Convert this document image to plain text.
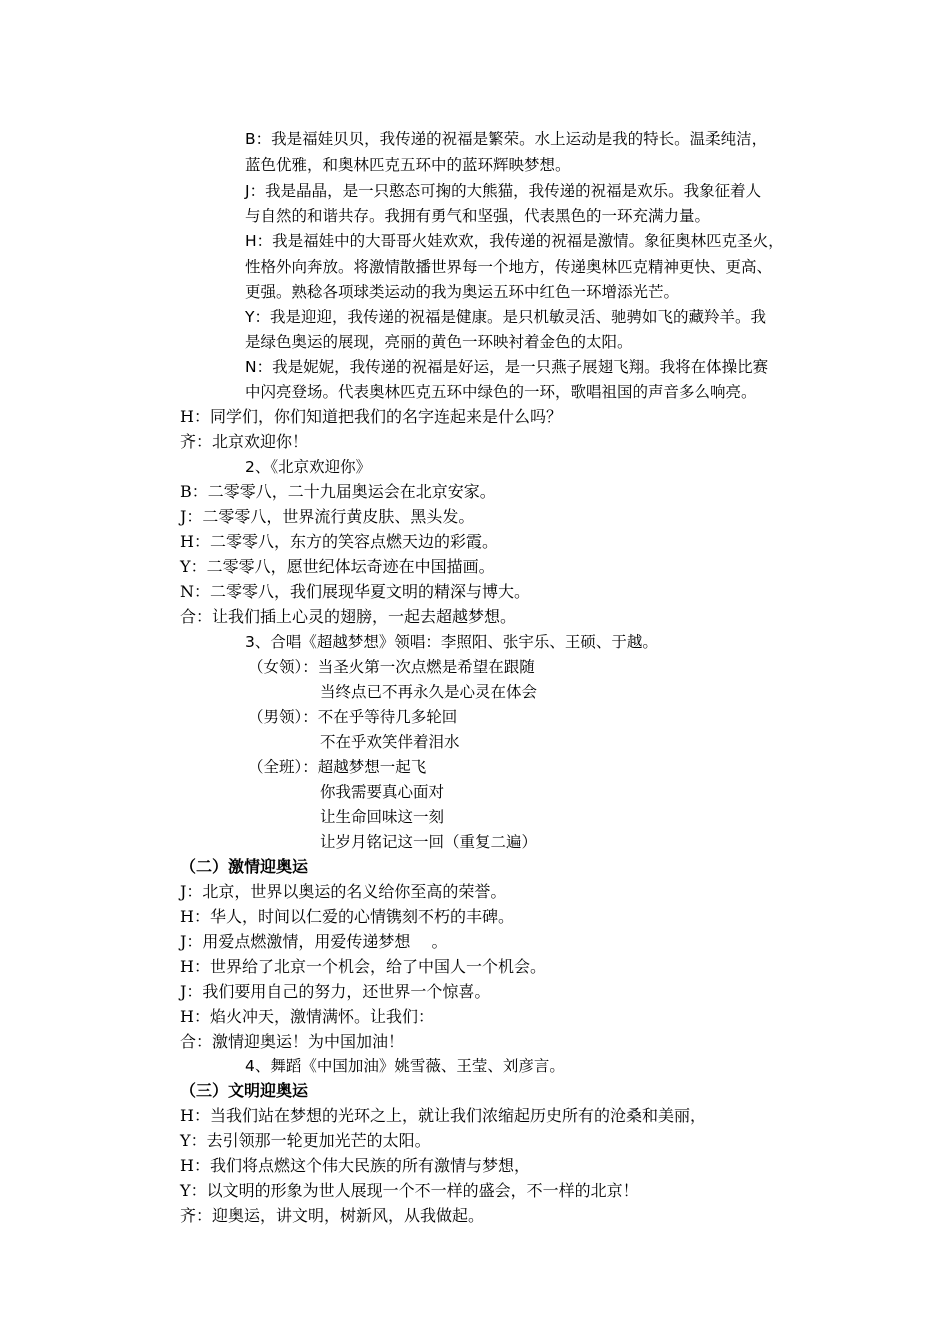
B：我是福娃贝贝，我传递的祝福是繁荣。水上运动是我的特长。温柔纯洁，
蓝色优雅，和奥林匹克五环中的蓝环辉映梦想。
J：我是晶晶，是一只憨态可掬的大熊猫，我传递的祝福是欢乐。我象征着人
与自然的和谐共存。我拥有勇气和坚强，代表黑色的一环充满力量。
H：我是福娃中的大哥哥火娃欢欢，我传递的祝福是激情。象征奥林匹克圣火，
性格外向奔放。将激情散播世界每一个地方，传递奥林匹克精神更快、更高、
更强。熟稔各项球类运动的我为奥运五环中红色一环增添光芒。
Y：我是迎迎，我传递的祝福是健康。是只机敏灵活、驰骋如飞的藏羚羊。我
是绿色奥运的展现，亮丽的黄色一环映衬着金色的太阳。
N：我是妮妮，我传递的祝福是好运，是一只燕子展翅飞翔。我将在体操比赛
中闪亮登场。代表奥林匹克五环中绿色的一环，歌唱祖国的声音多么响亮。
H：同学们，你们知道把我们的名字连起来是什么吗？
齐：北京欢迎你！
2、《北京欢迎你》
B：二零零八，二十九届奥运会在北京安家。
J：二零零八，世界流行黄皮肤、黑头发。
H：二零零八，东方的笑容点燃天边的彩霞。
Y：二零零八，愿世纪体坛奇迹在中国描画。
N：二零零八，我们展现华夏文明的精深与博大。
合：让我们插上心灵的翅膀，一起去超越梦想。
3、合唱《超越梦想》领唱：李照阳、张宇乐、王硕、于越。
（女领）：当圣火第一次点燃是希望在跟随
当终点已不再永久是心灵在体会
（男领）：不在乎等待几多轮回
不在乎欢笑伴着泪水
（全班）：超越梦想一起飞
你我需要真心面对
让生命回味这一刻
让岁月铭记这一回（重复二遍）
（二）激情迎奥运
J：北京，世界以奥运的名义给你至高的荣誉。
H：华人，时间以仁爱的心情镌刻不朽的丰碑。
J：用爱点燃激情，用爱传递梦想 　。
H：世界给了北京一个机会，给了中国人一个机会。
J：我们要用自己的努力，还世界一个惊喜。
H：焰火冲天，激情满怀。让我们：
合：激情迎奥运！为中国加油！
4、舞蹈《中国加油》姚雪薇、王莹、刘彦言。
（三）文明迎奥运
H：当我们站在梦想的光环之上，就让我们浓缩起历史所有的沧桑和美丽，
Y：去引领那一轮更加光芒的太阳。
H：我们将点燃这个伟大民族的所有激情与梦想，
Y：以文明的形象为世人展现一个不一样的盛会，不一样的北京！
齐：迎奥运，讲文明，树新风，从我做起。
